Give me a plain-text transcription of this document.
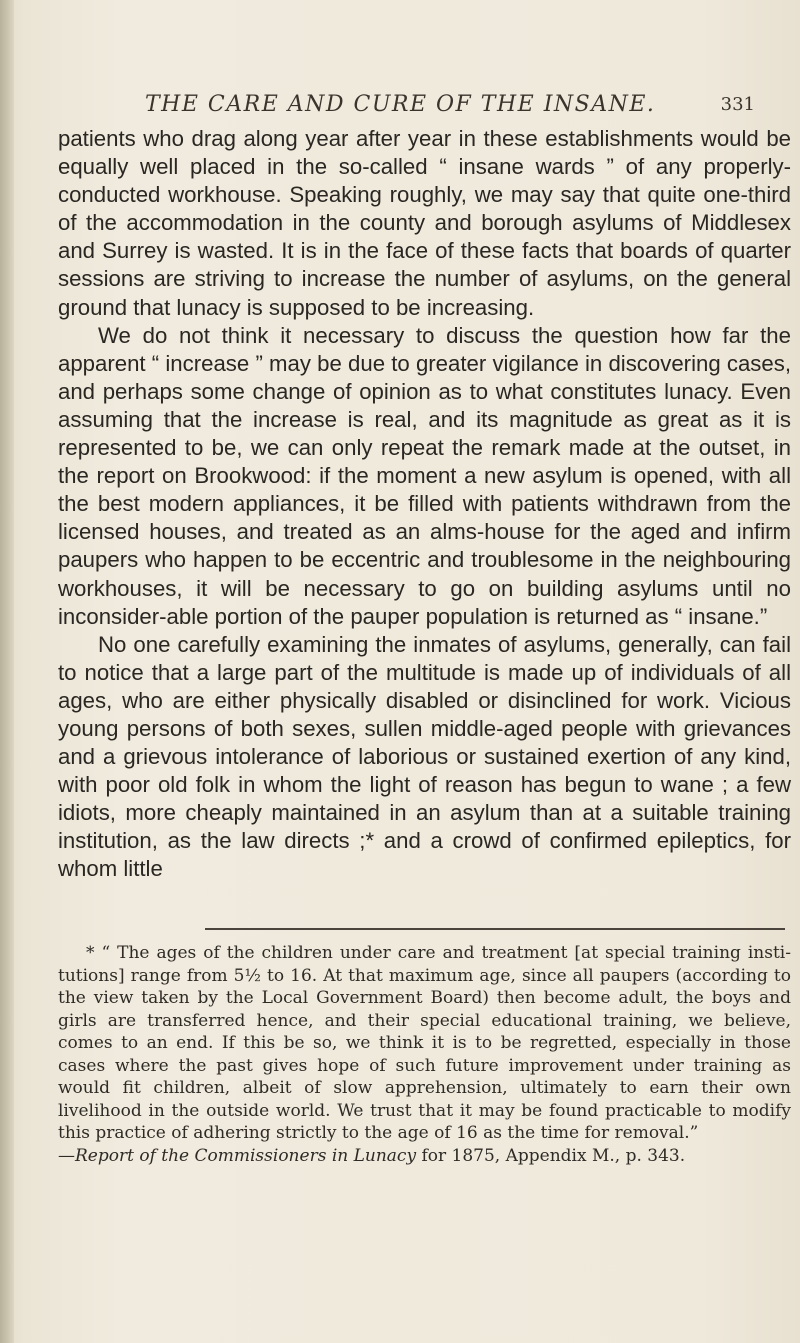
THE CARE AND CURE OF THE INSANE.	331

patients who drag along year after year in these establishments would be equally well placed in the so-called “ insane wards ” of any properly-conducted workhouse. Speaking roughly, we may say that quite one-third of the accommodation in the county and borough asylums of Middlesex and Surrey is wasted. It is in the face of these facts that boards of quarter sessions are striving to increase the number of asylums, on the general ground that lunacy is supposed to be increasing.

We do not think it necessary to discuss the question how far the apparent “ increase ” may be due to greater vigilance in discovering cases, and perhaps some change of opinion as to what constitutes lunacy. Even assuming that the increase is real, and its magnitude as great as it is represented to be, we can only repeat the remark made at the outset, in the report on Brookwood: if the moment a new asylum is opened, with all the best modern appliances, it be filled with patients withdrawn from the licensed houses, and treated as an alms-house for the aged and infirm paupers who happen to be eccentric and troublesome in the neighbouring workhouses, it will be necessary to go on building asylums until no inconsider-able portion of the pauper population is returned as “ insane.”

No one carefully examining the inmates of asylums, generally, can fail to notice that a large part of the multitude is made up of individuals of all ages, who are either physically disabled or disinclined for work. Vicious young persons of both sexes, sullen middle-aged people with grievances and a grievous intolerance of laborious or sustained exertion of any kind, with poor old folk in whom the light of reason has begun to wane ; a few idiots, more cheaply maintained in an asylum than at a suitable training institution, as the law directs ;* and a crowd of confirmed epileptics, for whom little

* “ The ages of the children under care and treatment [at special training insti-tutions] range from 5½ to 16. At that maximum age, since all paupers (according to the view taken by the Local Government Board) then become adult, the boys and girls are transferred hence, and their special educational training, we believe, comes to an end. If this be so, we think it is to be regretted, especially in those cases where the past gives hope of such future improvement under training as would fit children, albeit of slow apprehension, ultimately to earn their own livelihood in the outside world. We trust that it may be found practicable to modify this practice of adhering strictly to the age of 16 as the time for removal.”
—Report of the Commissioners in Lunacy for 1875, Appendix M., p. 343.
